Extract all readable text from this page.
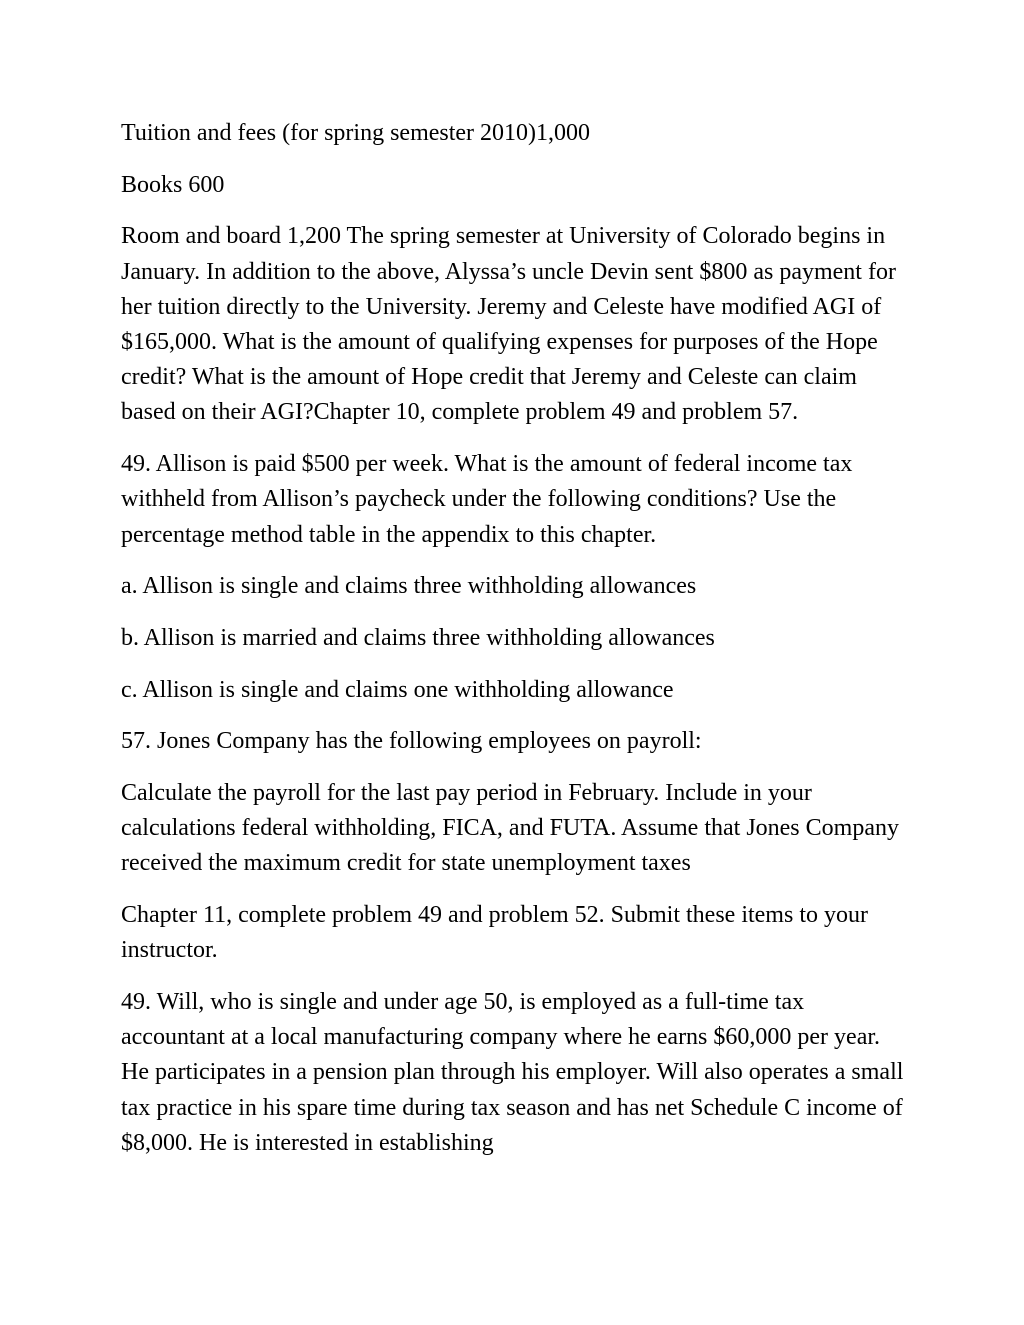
Tuition and fees (for spring semester 2010)1,000

Books 600

Room and board 1,200 The spring semester at University of Colorado begins in January. In addition to the above, Alyssa’s uncle Devin sent $800 as payment for her tuition directly to the University. Jeremy and Celeste have modified AGI of $165,000. What is the amount of qualifying expenses for purposes of the Hope credit? What is the amount of Hope credit that Jeremy and Celeste can claim based on their AGI?Chapter 10, complete problem 49 and problem 57.

49. Allison is paid $500 per week. What is the amount of federal income tax withheld from Allison’s paycheck under the following conditions? Use the percentage method table in the appendix to this chapter.

a. Allison is single and claims three withholding allowances

b. Allison is married and claims three withholding allowances

c. Allison is single and claims one withholding allowance

57. Jones Company has the following employees on payroll:

Calculate the payroll for the last pay period in February. Include in your calculations federal withholding, FICA, and FUTA. Assume that Jones Company received the maximum credit for state unemployment taxes

Chapter 11, complete problem 49 and problem 52. Submit these items to your instructor.

49. Will, who is single and under age 50, is employed as a full-time tax accountant at a local manufacturing company where he earns $60,000 per year. He participates in a pension plan through his employer. Will also operates a small tax practice in his spare time during tax season and has net Schedule C income of $8,000. He is interested in establishing
